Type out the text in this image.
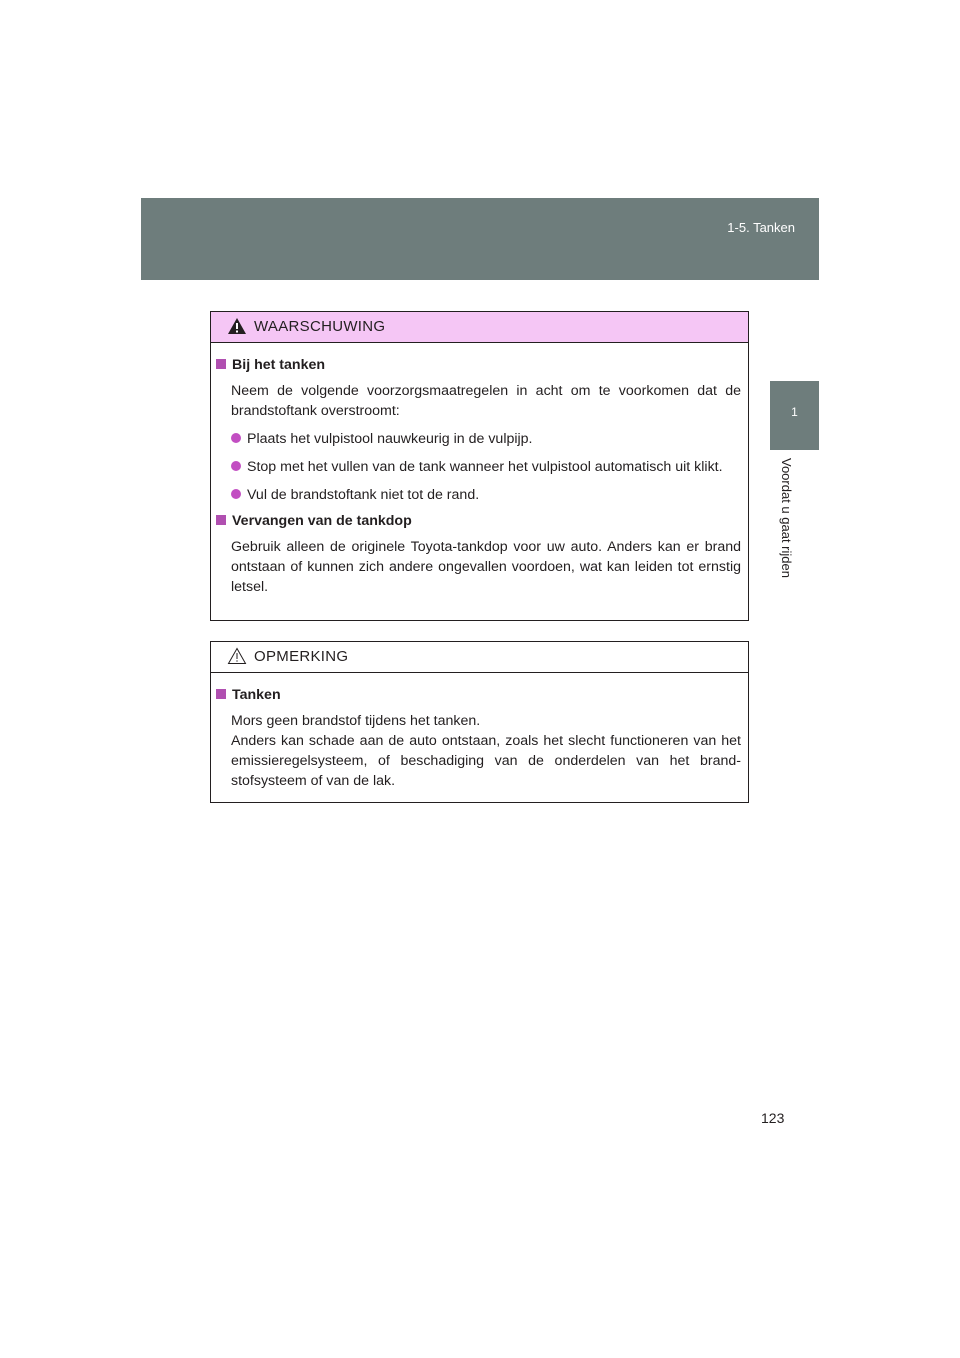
1-5. Tanken
1
Voordat u gaat rijden
WAARSCHUWING
Bij het tanken
Neem de volgende voorzorgsmaatregelen in acht om te voorkomen dat de brandstoftank overstroomt:
Plaats het vulpistool nauwkeurig in de vulpijp.
Stop met het vullen van de tank wanneer het vulpistool automatisch uit klikt.
Vul de brandstoftank niet tot de rand.
Vervangen van de tankdop
Gebruik alleen de originele Toyota-tankdop voor uw auto. Anders kan er brand ontstaan of kunnen zich andere ongevallen voordoen, wat kan leiden tot ernstig letsel.
OPMERKING
Tanken
Mors geen brandstof tijdens het tanken.
Anders kan schade aan de auto ontstaan, zoals het slecht functioneren van het emissieregelsysteem, of beschadiging van de onderdelen van het brand-stofsysteem of van de lak.
123
